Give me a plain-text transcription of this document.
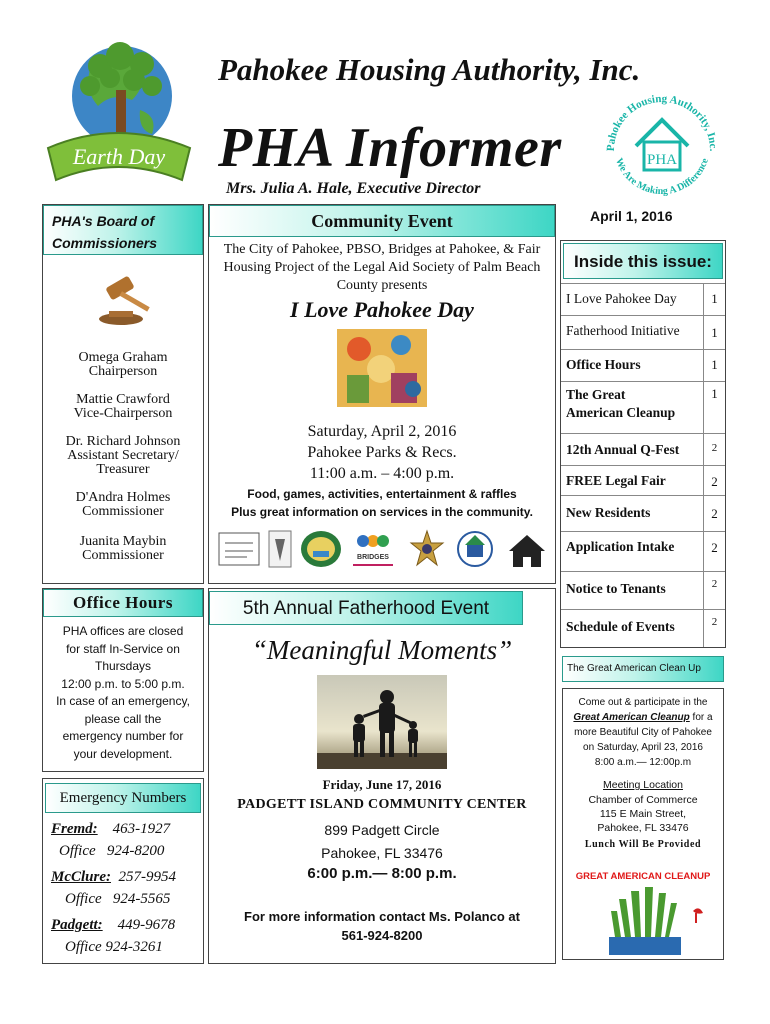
Earth Day
Pahokee Housing Authority, Inc.
PHA Informer
Mrs. Julia A. Hale, Executive Director
Pahokee Housing Authority, Inc.
We Are Making A Difference
PHA
April 1, 2016
PHA's Board of
Commissioners
Omega Graham
Chairperson
Mattie Crawford
Vice-Chairperson
Dr. Richard Johnson
Assistant Secretary/
Treasurer
D'Andra Holmes
Commissioner
Juanita Maybin
Commissioner
Office Hours
PHA offices are closed
for staff In-Service on
Thursdays
12:00 p.m. to 5:00 p.m.
In case of an emergency,
please call the
emergency number for
your development.
Emergency Numbers
Fremd: 463-1927
Office 924-8200
McClure: 257-9954
Office 924-5565
Padgett: 449-9678
Office 924-3261
Community Event
The City of Pahokee, PBSO, Bridges at Pahokee, & Fair Housing Project of the Legal Aid Society of Palm Beach County presents
I Love Pahokee Day
Saturday, April 2, 2016
Pahokee Parks & Recs.
11:00 a.m. – 4:00 p.m.
Food, games, activities, entertainment & raffles
Plus great information on services in the community.
BRIDGES
5th Annual Fatherhood Event
“Meaningful Moments”
Friday, June 17, 2016
PADGETT ISLAND COMMUNITY CENTER
899 Padgett Circle
Pahokee, FL 33476
6:00 p.m.— 8:00 p.m.
For more information contact Ms. Polanco at
561-924-8200
Inside this issue:
I Love Pahokee Day	1
Fatherhood Initiative	1
Office Hours	1
The Great
American Cleanup
1
12th Annual Q-Fest	2
FREE Legal Fair	2
New Residents	2
Application Intake	2
Notice to Tenants	2
Schedule of Events	2
The Great American Clean Up
Come out & participate in the
Great American Cleanup for a
more Beautiful City of Pahokee
on Saturday, April 23, 2016
8:00 a.m.— 12:00p.m
Meeting Location
Chamber of Commerce
115 E Main Street,
Pahokee, FL 33476
Lunch Will Be Provided
GREAT AMERICAN CLEANUP
